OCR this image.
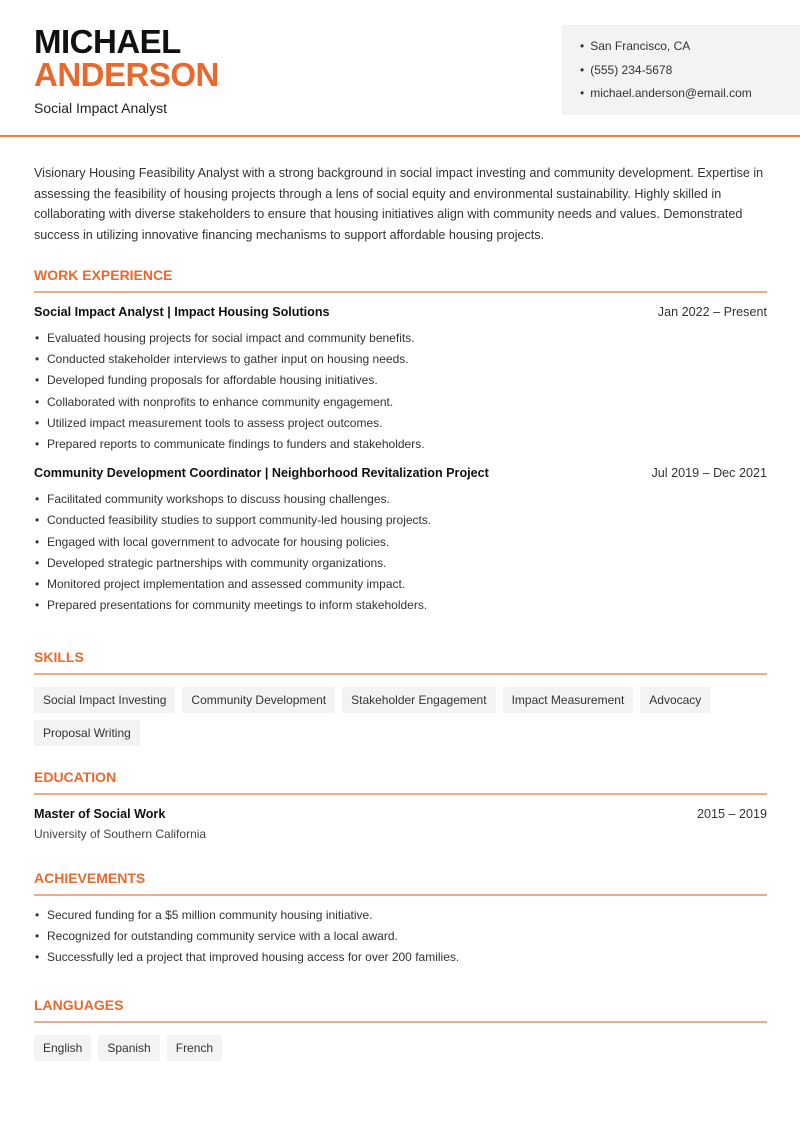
MICHAEL
ANDERSON
Social Impact Analyst
• San Francisco, CA
• (555) 234-5678
• michael.anderson@email.com
Visionary Housing Feasibility Analyst with a strong background in social impact investing and community development. Expertise in assessing the feasibility of housing projects through a lens of social equity and environmental sustainability. Highly skilled in collaborating with diverse stakeholders to ensure that housing initiatives align with community needs and values. Demonstrated success in utilizing innovative financing mechanisms to support affordable housing projects.
WORK EXPERIENCE
Social Impact Analyst | Impact Housing Solutions	Jan 2022 – Present
• Evaluated housing projects for social impact and community benefits.
• Conducted stakeholder interviews to gather input on housing needs.
• Developed funding proposals for affordable housing initiatives.
• Collaborated with nonprofits to enhance community engagement.
• Utilized impact measurement tools to assess project outcomes.
• Prepared reports to communicate findings to funders and stakeholders.
Community Development Coordinator | Neighborhood Revitalization Project	Jul 2019 – Dec 2021
• Facilitated community workshops to discuss housing challenges.
• Conducted feasibility studies to support community-led housing projects.
• Engaged with local government to advocate for housing policies.
• Developed strategic partnerships with community organizations.
• Monitored project implementation and assessed community impact.
• Prepared presentations for community meetings to inform stakeholders.
SKILLS
Social Impact Investing	Community Development	Stakeholder Engagement	Impact Measurement	Advocacy
Proposal Writing
EDUCATION
Master of Social Work	2015 – 2019
University of Southern California
ACHIEVEMENTS
• Secured funding for a $5 million community housing initiative.
• Recognized for outstanding community service with a local award.
• Successfully led a project that improved housing access for over 200 families.
LANGUAGES
English	Spanish	French
